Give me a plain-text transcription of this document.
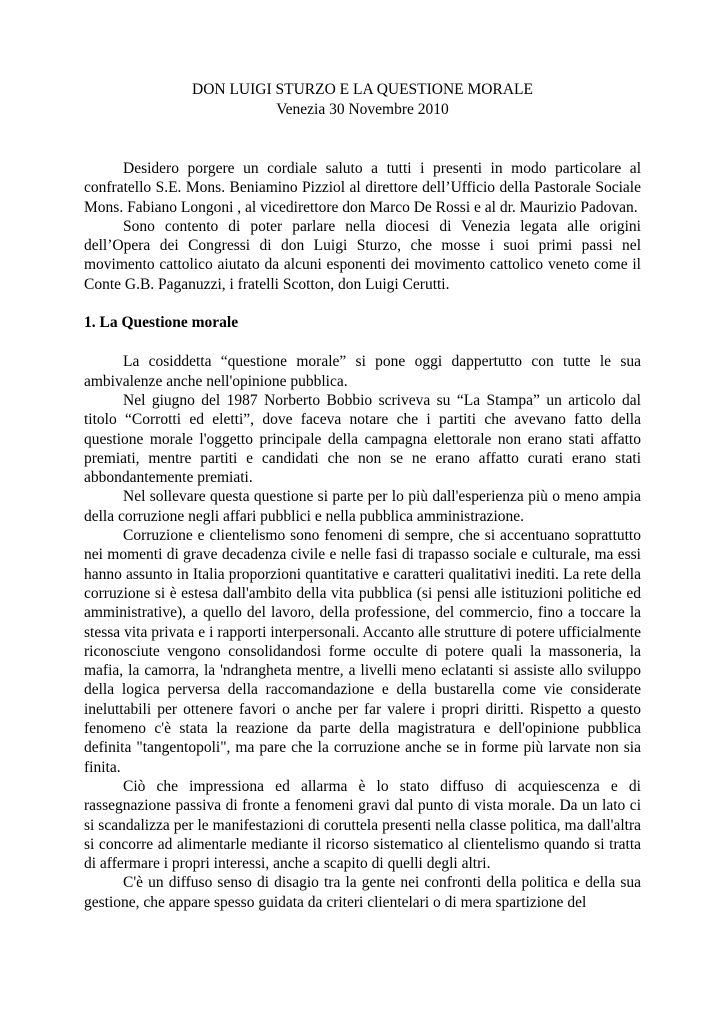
DON LUIGI STURZO E LA QUESTIONE MORALE
Venezia 30 Novembre 2010

Desidero porgere un cordiale saluto a tutti i presenti in modo particolare al confratello S.E. Mons. Beniamino Pizziol al direttore dell’Ufficio della Pastorale Sociale Mons. Fabiano Longoni , al vicedirettore don Marco De Rossi e al dr. Maurizio Padovan.

Sono contento di poter parlare nella diocesi di Venezia legata alle origini dell’Opera dei Congressi di don Luigi Sturzo, che mosse i suoi primi passi nel movimento cattolico aiutato da alcuni esponenti dei movimento cattolico veneto come il Conte G.B. Paganuzzi, i fratelli Scotton, don Luigi Cerutti.

1. La Questione morale

La cosiddetta “questione morale” si pone oggi dappertutto con tutte le sua ambivalenze anche nell'opinione pubblica.

Nel giugno del 1987 Norberto Bobbio scriveva su “La Stampa” un articolo dal titolo “Corrotti ed eletti”, dove faceva notare che i partiti che avevano fatto della questione morale l'oggetto principale della campagna elettorale non erano stati affatto premiati, mentre partiti e candidati che non se ne erano affatto curati erano stati abbondantemente premiati.

Nel sollevare questa questione si parte per lo più dall'esperienza più o meno ampia della corruzione negli affari pubblici e nella pubblica amministrazione.

Corruzione e clientelismo sono fenomeni di sempre, che si accentuano soprattutto nei momenti di grave decadenza civile e nelle fasi di trapasso sociale e culturale, ma essi hanno assunto in Italia proporzioni quantitative e caratteri qualitativi inediti. La rete della corruzione si è estesa dall'ambito della vita pubblica (si pensi alle istituzioni politiche ed amministrative), a quello del lavoro, della professione, del commercio, fino a toccare la stessa vita privata e i rapporti interpersonali. Accanto alle strutture di potere ufficialmente riconosciute vengono consolidandosi forme occulte di potere quali la massoneria, la mafia, la camorra, la 'ndrangheta mentre, a livelli meno eclatanti si assiste allo sviluppo della logica perversa della raccomandazione e della bustarella come vie considerate ineluttabili per ottenere favori o anche per far valere i propri diritti. Rispetto a questo fenomeno c'è stata la reazione da parte della magistratura e dell'opinione pubblica definita "tangentopoli", ma pare che la corruzione anche se in forme più larvate non sia finita.

Ciò che impressiona ed allarma è lo stato diffuso di acquiescenza e di rassegnazione passiva di fronte a fenomeni gravi dal punto di vista morale. Da un lato ci si scandalizza per le manifestazioni di coruttela presenti nella classe politica, ma dall'altra si concorre ad alimentarle mediante il ricorso sistematico al clientelismo quando si tratta di affermare i propri interessi, anche a scapito di quelli degli altri.

C'è un diffuso senso di disagio tra la gente nei confronti della politica e della sua gestione, che appare spesso guidata da criteri clientelari o di mera spartizione del
